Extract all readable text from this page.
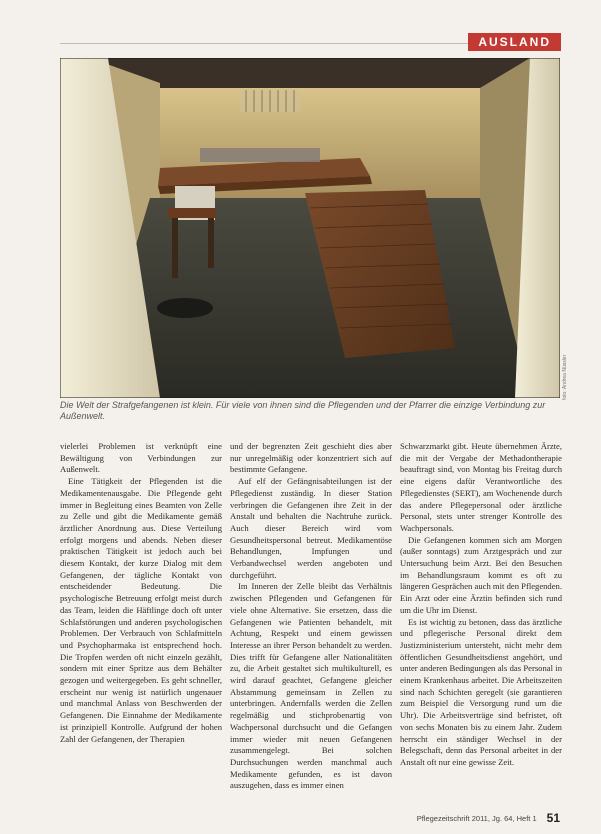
AUSLAND
foto: Andrea Nüssler
Die Welt der Strafgefangenen ist klein. Für viele von ihnen sind die Pflegenden und der Pfarrer die einzige Verbindung zur Außenwelt.

vielerlei Problemen ist verknüpft eine Bewältigung von Verbindungen zur Außenwelt.

Eine Tätigkeit der Pflegenden ist die Medikamentenausgabe. Die Pflegende geht immer in Begleitung eines Beamten von Zelle zu Zelle und gibt die Medikamente gemäß ärztlicher Anordnung aus. Diese Verteilung erfolgt morgens und abends. Neben dieser praktischen Tätigkeit ist jedoch auch bei diesem Kontakt, der kurze Dialog mit dem Gefangenen, der tägliche Kontakt von entscheidender Bedeutung. Die psychologische Betreuung erfolgt meist durch das Team, leiden die Häftlinge doch oft unter Schlafstörungen und anderen psychologischen Problemen. Der Verbrauch von Schlafmitteln und Psychopharmaka ist entsprechend hoch. Die Tropfen werden oft nicht einzeln gezählt, sondern mit einer Spritze aus dem Behälter gezogen und weitergegeben. Es geht schneller, erscheint nur wenig ist natürlich ungenauer und manchmal Anlass von Beschwerden der Gefangenen. Die Einnahme der Medikamente ist prinzipiell Kontrolle. Aufgrund der hohen Zahl der Gefangenen, der Therapien

und der begrenzten Zeit geschieht dies aber nur unregelmäßig oder konzentriert sich auf bestimmte Gefangene.

Auf elf der Gefängnisabteilungen ist der Pflegedienst zuständig. In dieser Station verbringen die Gefangenen ihre Zeit in der Anstalt und behalten die Nachtruhe zurück. Auch dieser Bereich wird vom Gesundheitspersonal betreut. Medikamentöse Behandlungen, Impfungen und Verbandwechsel werden angeboten und durchgeführt.

Im Inneren der Zelle bleibt das Verhältnis zwischen Pflegenden und Gefangenen für viele ohne Alternative. Sie ersetzen, dass die Gefangenen wie Patienten behandelt, mit Achtung, Respekt und einem gewissen Interesse an ihrer Person behandelt zu werden. Dies trifft für Gefangene aller Nationalitäten zu, die Arbeit gestaltet sich multikulturell, es wird darauf geachtet, Gefangene gleicher Abstammung gemeinsam in Zellen zu unterbringen. Andernfalls werden die Zellen regelmäßig und stichprobenartig von Wachpersonal durchsucht und die Gefangen immer wieder mit neuen Gefangenen zusammengelegt. Bei solchen Durchsuchungen werden manchmal auch Medikamente gefunden, es ist davon auszugehen, dass es immer einen

Schwarzmarkt gibt. Heute übernehmen Ärzte, die mit der Vergabe der Methadontherapie beauftragt sind, von Montag bis Freitag durch eine eigens dafür Verantwortliche des Pflegedienstes (SERT), am Wochenende durch das andere Pflegepersonal oder ärztliche Personal, stets unter strenger Kontrolle des Wachpersonals.

Die Gefangenen kommen sich am Morgen (außer sonntags) zum Arztgespräch und zur Untersuchung beim Arzt. Bei den Besuchen im Behandlungsraum kommt es oft zu längeren Gesprächen auch mit den Pflegenden. Ein Arzt oder eine Ärztin befinden sich rund um die Uhr im Dienst.

Es ist wichtig zu betonen, dass das ärztliche und pflegerische Personal direkt dem Justizministerium untersteht, nicht mehr dem öffentlichen Gesundheitsdienst angehört, und unter anderen Bedingungen als das Personal in einem Krankenhaus arbeitet. Die Arbeitszeiten sind nach Schichten geregelt (sie garantieren zum Beispiel die Versorgung rund um die Uhr). Die Arbeitsverträge sind befristet, oft von sechs Monaten bis zu einem Jahr. Zudem herrscht ein ständiger Wechsel in der Belegschaft, denn das Personal arbeitet in der Anstalt oft nur eine gewisse Zeit.

Pflegezeitschrift 2011, Jg. 64, Heft 1 51
